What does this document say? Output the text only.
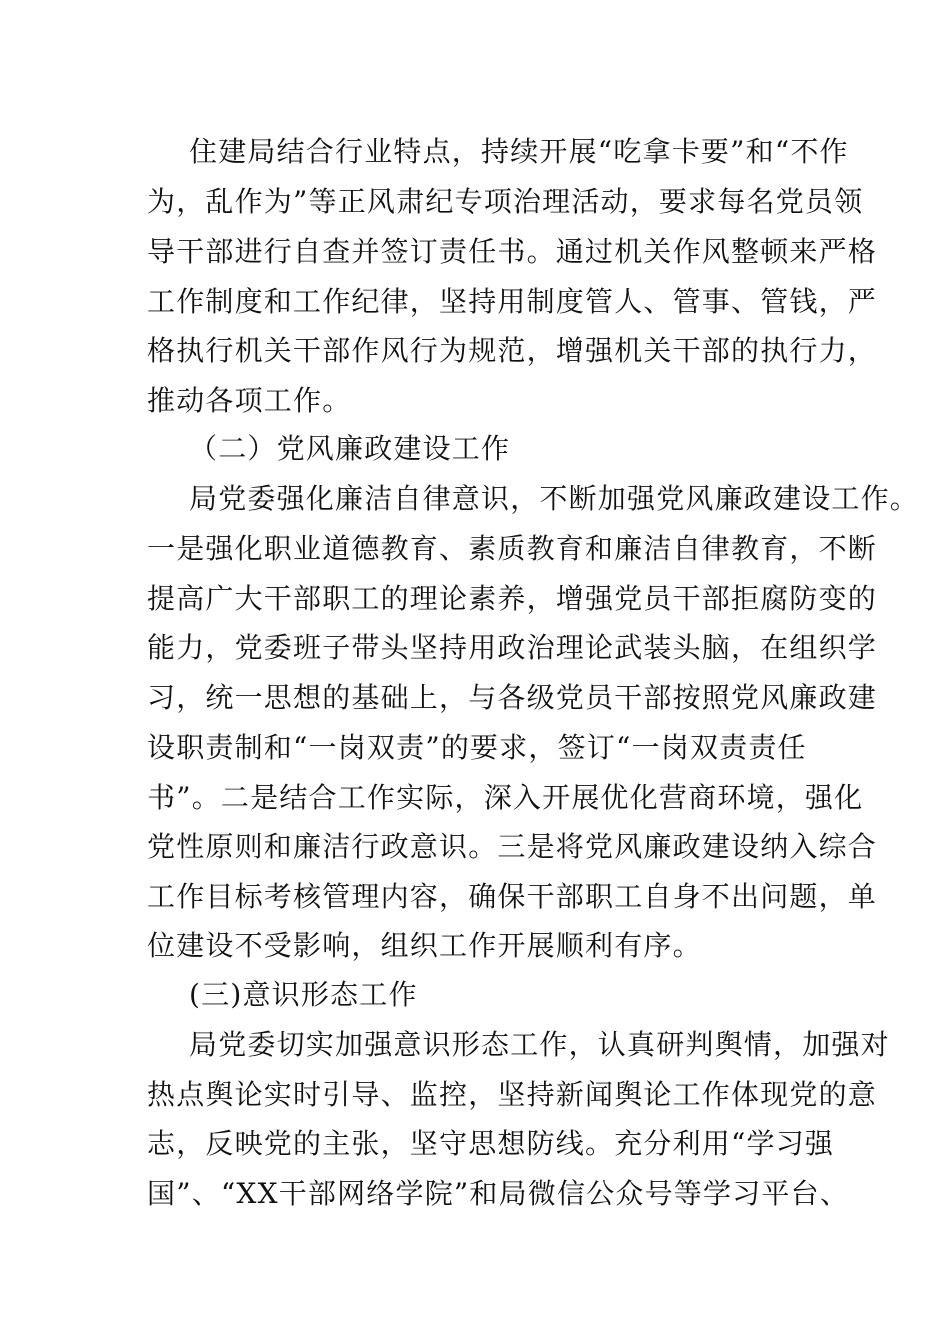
住建局结合行业特点，持续开展“吃拿卡要”和“不作
为，乱作为”等正风肃纪专项治理活动，要求每名党员领
导干部进行自查并签订责任书。通过机关作风整顿来严格
工作制度和工作纪律，坚持用制度管人、管事、管钱，严
格执行机关干部作风行为规范，增强机关干部的执行力，
推动各项工作。
（二）党风廉政建设工作
局党委强化廉洁自律意识，不断加强党风廉政建设工作。
一是强化职业道德教育、素质教育和廉洁自律教育，不断
提高广大干部职工的理论素养，增强党员干部拒腐防变的
能力，党委班子带头坚持用政治理论武装头脑，在组织学
习，统一思想的基础上，与各级党员干部按照党风廉政建
设职责制和“一岗双责”的要求，签订“一岗双责责任
书”。二是结合工作实际，深入开展优化营商环境，强化
党性原则和廉洁行政意识。三是将党风廉政建设纳入综合
工作目标考核管理内容，确保干部职工自身不出问题，单
位建设不受影响，组织工作开展顺利有序。
(三)意识形态工作
局党委切实加强意识形态工作，认真研判舆情，加强对
热点舆论实时引导、监控，坚持新闻舆论工作体现党的意
志，反映党的主张，坚守思想防线。充分利用“学习强
国”、“XX干部网络学院”和局微信公众号等学习平台、
